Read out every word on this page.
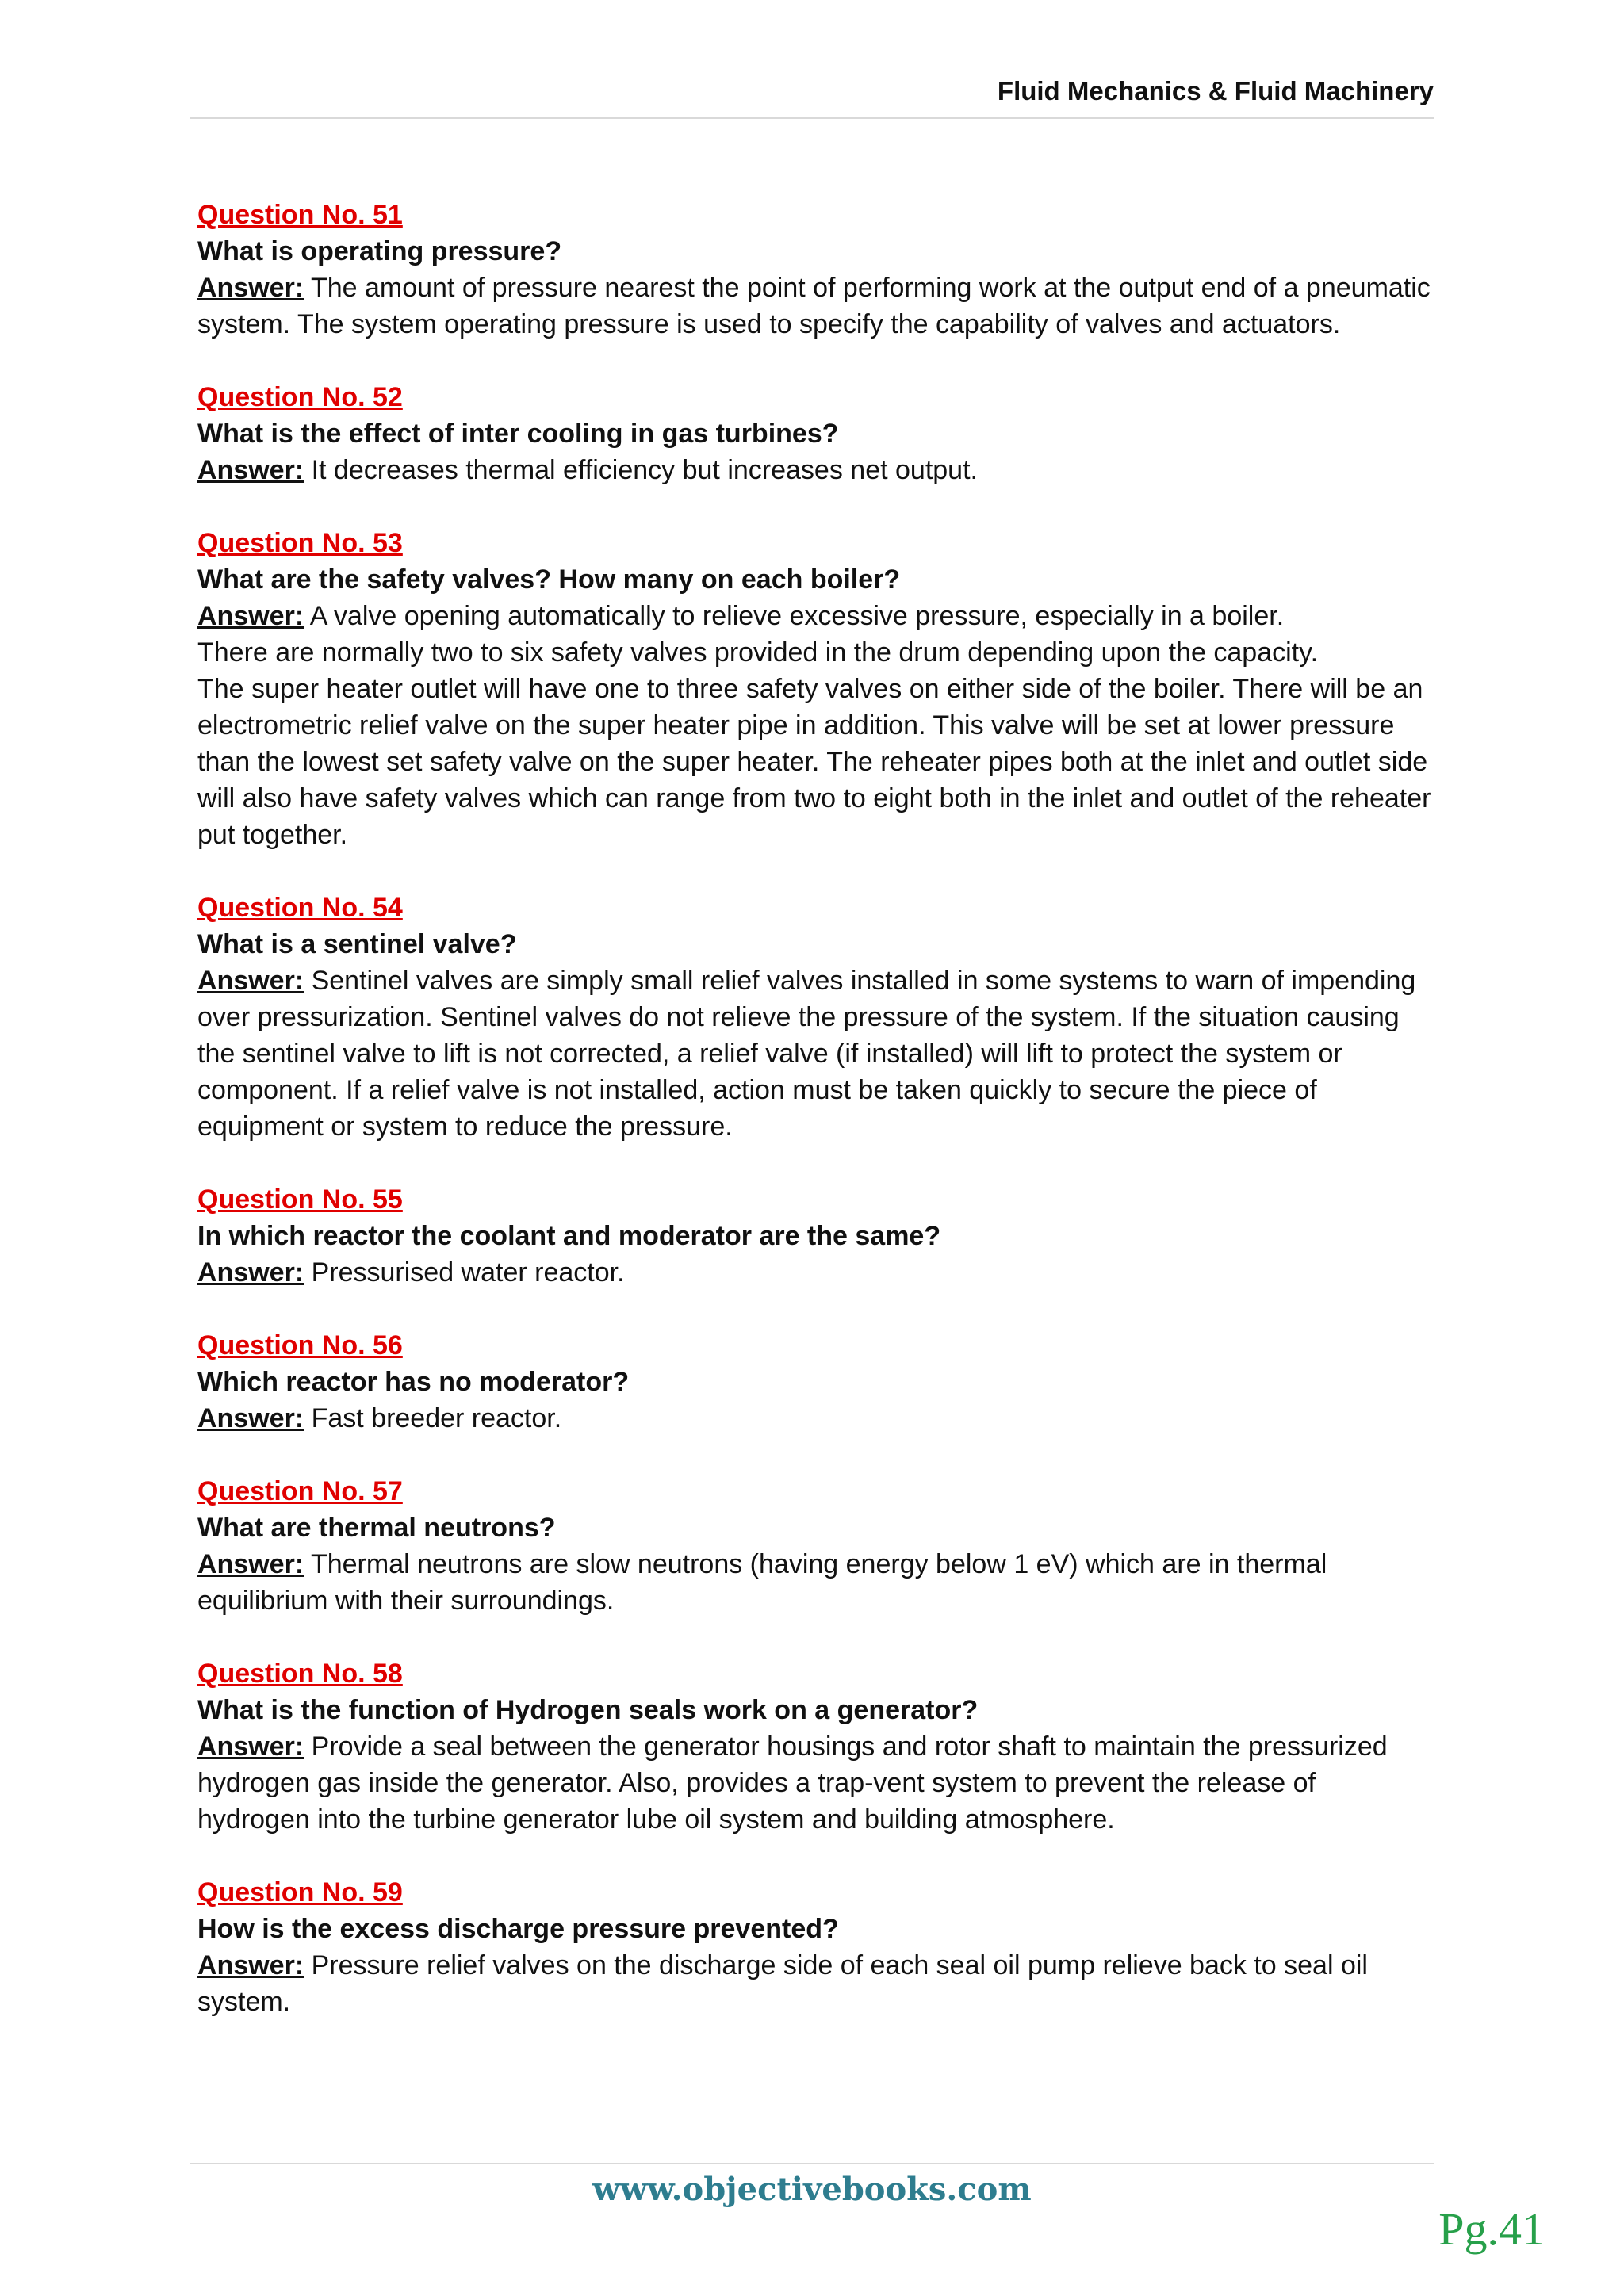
Fluid Mechanics & Fluid Machinery
Question No. 51
What is operating pressure?
Answer: The amount of pressure nearest the point of performing work at the output end of a pneumatic system. The system operating pressure is used to specify the capability of valves and actuators.
Question No. 52
What is the effect of inter cooling in gas turbines?
Answer: It decreases thermal efficiency but increases net output.
Question No. 53
What are the safety valves? How many on each boiler?
Answer: A valve opening automatically to relieve excessive pressure, especially in a boiler.
There are normally two to six safety valves provided in the drum depending upon the capacity.
The super heater outlet will have one to three safety valves on either side of the boiler. There will be an electrometric relief valve on the super heater pipe in addition. This valve will be set at lower pressure than the lowest set safety valve on the super heater. The reheater pipes both at the inlet and outlet side will also have safety valves which can range from two to eight both in the inlet and outlet of the reheater put together.
Question No. 54
What is a sentinel valve?
Answer: Sentinel valves are simply small relief valves installed in some systems to warn of impending over pressurization. Sentinel valves do not relieve the pressure of the system. If the situation causing the sentinel valve to lift is not corrected, a relief valve (if installed) will lift to protect the system or component. If a relief valve is not installed, action must be taken quickly to secure the piece of equipment or system to reduce the pressure.
Question No. 55
In which reactor the coolant and moderator are the same?
Answer: Pressurised water reactor.
Question No. 56
Which reactor has no moderator?
Answer: Fast breeder reactor.
Question No. 57
What are thermal neutrons?
Answer: Thermal neutrons are slow neutrons (having energy below 1 eV) which are in thermal equilibrium with their surroundings.
Question No. 58
What is the function of Hydrogen seals work on a generator?
Answer: Provide a seal between the generator housings and rotor shaft to maintain the pressurized hydrogen gas inside the generator. Also, provides a trap-vent system to prevent the release of hydrogen into the turbine generator lube oil system and building atmosphere.
Question No. 59
How is the excess discharge pressure prevented?
Answer: Pressure relief valves on the discharge side of each seal oil pump relieve back to seal oil system.
www.objectivebooks.com
Pg.41
